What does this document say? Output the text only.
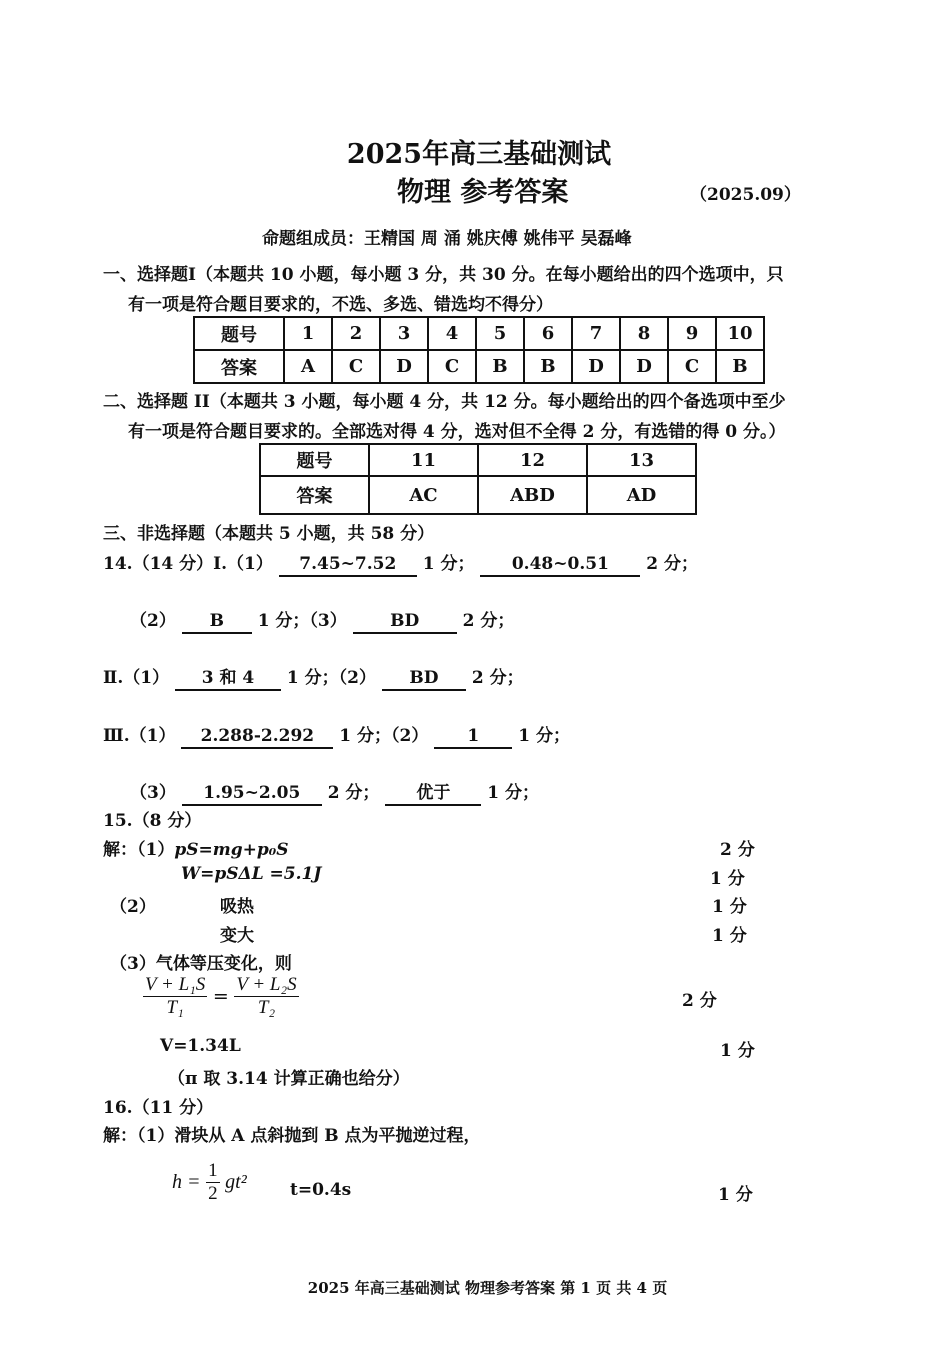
2025年高三基础测试
物理 参考答案	（2025.09）
命题组成员：王精国 周 涌 姚庆傅 姚伟平 吴磊峰
一、选择题Ⅰ（本题共 10 小题，每小题 3 分，共 30 分。在每小题给出的四个选项中，只
有一项是符合题目要求的，不选、多选、错选均不得分）
题号	1	2	3	4	5	6	7	8	9	10
答案	A	C	D	C	B	B	D	D	C	B
二、选择题 II（本题共 3 小题，每小题 4 分，共 12 分。每小题给出的四个备选项中至少
有一项是符合题目要求的。全部选对得 4 分，选对但不全得 2 分，有选错的得 0 分。）
题号	11	12	13
答案	AC	ABD	AD
三、非选择题（本题共 5 小题，共 58 分）
14.（14 分）Ⅰ.（1） 7.45~7.52 1 分； 0.48~0.51 2 分；
（2） B 1 分；（3）	BD	2 分；
Ⅱ.（1） 3 和 4 1 分；（2） BD 2 分；
Ⅲ.（1） 2.288-2.292 1 分；（2） 1 1 分；
（3） 1.95~2.05 2 分； 优于 1 分；
15.（8 分）
解：（1）pS=mg+p₀S	2 分
W=pSΔL =5.1J	1 分
（2）	吸热	1 分
变大	1 分
（3）气体等压变化，则
$\frac{\text{V + L₁S}}{\text{T₁}} = \frac{\text{V + L₂S}}{\text{T₂}}$	2 分
V=1.34L	1 分
（π 取 3.14 计算正确也给分）
16.（11 分）
解：（1）滑块从 A 点斜抛到 B 点为平抛逆过程，
$h = \frac{1}{2} gt^2$	t=0.4s	1 分
2025 年高三基础测试 物理参考答案 第 1 页 共 4 页
